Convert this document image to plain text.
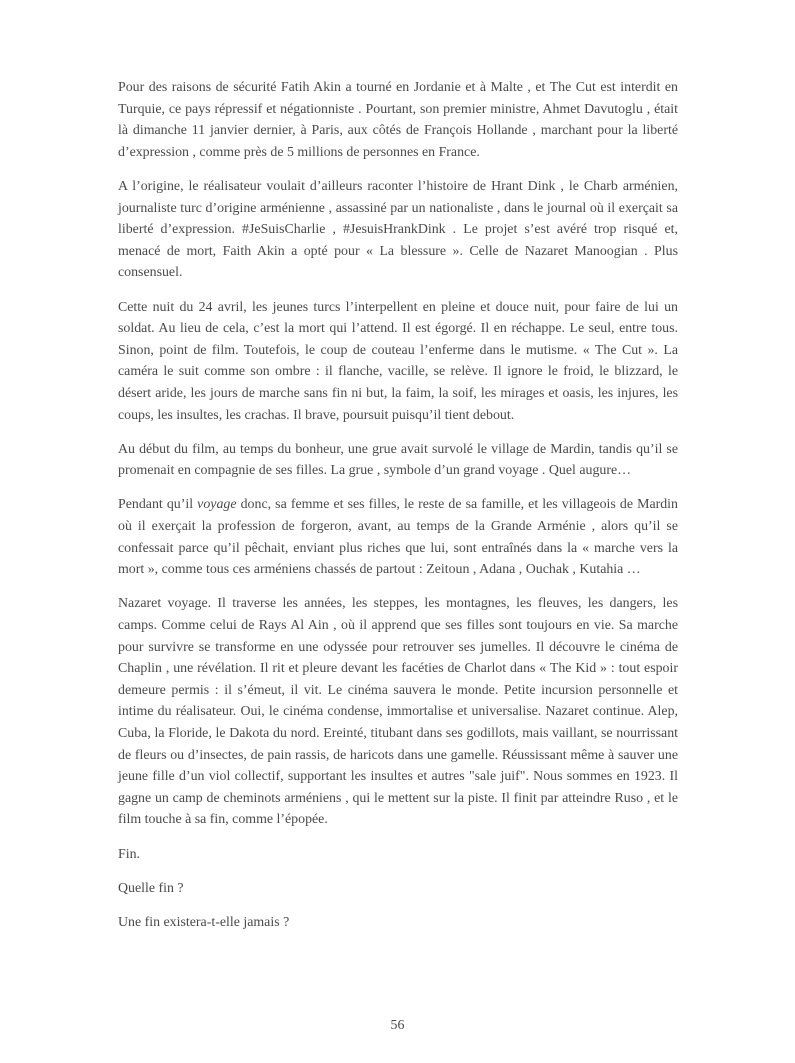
Pour des raisons de sécurité Fatih Akin a tourné en Jordanie et à Malte , et The Cut est interdit en Turquie, ce pays répressif et négationniste . Pourtant, son premier ministre, Ahmet Davutoglu , était là dimanche 11 janvier dernier, à Paris, aux côtés de François Hollande , marchant pour la liberté d’expression , comme près de 5 millions de personnes en France.

A l’origine, le réalisateur voulait d’ailleurs raconter l’histoire de Hrant Dink , le Charb arménien, journaliste turc d’origine arménienne , assassiné par un nationaliste , dans le journal où il exerçait sa liberté d’expression. #JeSuisCharlie , #JesuisHrankDink . Le projet s’est avéré trop risqué et, menacé de mort, Faith Akin a opté pour « La blessure ». Celle de Nazaret Manoogian . Plus consensuel.

Cette nuit du 24 avril, les jeunes turcs l’interpellent en pleine et douce nuit, pour faire de lui un soldat. Au lieu de cela, c’est la mort qui l’attend. Il est égorgé. Il en réchappe. Le seul, entre tous. Sinon, point de film. Toutefois, le coup de couteau l’enferme dans le mutisme. « The Cut ». La caméra le suit comme son ombre : il flanche, vacille, se relève. Il ignore le froid, le blizzard, le désert aride, les jours de marche sans fin ni but, la faim, la soif, les mirages et oasis, les injures, les coups, les insultes, les crachas. Il brave, poursuit puisqu’il tient debout.

Au début du film, au temps du bonheur, une grue avait survolé le village de Mardin, tandis qu’il se promenait en compagnie de ses filles. La grue , symbole d’un grand voyage . Quel augure…

Pendant qu’il voyage donc, sa femme et ses filles, le reste de sa famille, et les villageois de Mardin où il exerçait la profession de forgeron, avant, au temps de la Grande Arménie , alors qu’il se confessait parce qu’il pêchait, enviant plus riches que lui, sont entraînés dans la « marche vers la mort », comme tous ces arméniens chassés de partout : Zeitoun , Adana , Ouchak , Kutahia …

Nazaret voyage. Il traverse les années, les steppes, les montagnes, les fleuves, les dangers, les camps. Comme celui de Rays Al Ain , où il apprend que ses filles sont toujours en vie. Sa marche pour survivre se transforme en une odyssée pour retrouver ses jumelles. Il découvre le cinéma de Chaplin , une révélation. Il rit et pleure devant les facéties de Charlot dans « The Kid » : tout espoir demeure permis : il s’émeut, il vit. Le cinéma sauvera le monde. Petite incursion personnelle et intime du réalisateur. Oui, le cinéma condense, immortalise et universalise. Nazaret continue. Alep, Cuba, la Floride, le Dakota du nord. Ereinté, titubant dans ses godillots, mais vaillant, se nourrissant de fleurs ou d’insectes, de pain rassis, de haricots dans une gamelle. Réussissant même à sauver une jeune fille d’un viol collectif, supportant les insultes et autres "sale juif". Nous sommes en 1923. Il gagne un camp de cheminots arméniens , qui le mettent sur la piste. Il finit par atteindre Ruso , et le film touche à sa fin, comme l’épopée.

Fin.

Quelle fin ?

Une fin existera-t-elle jamais ?

56
